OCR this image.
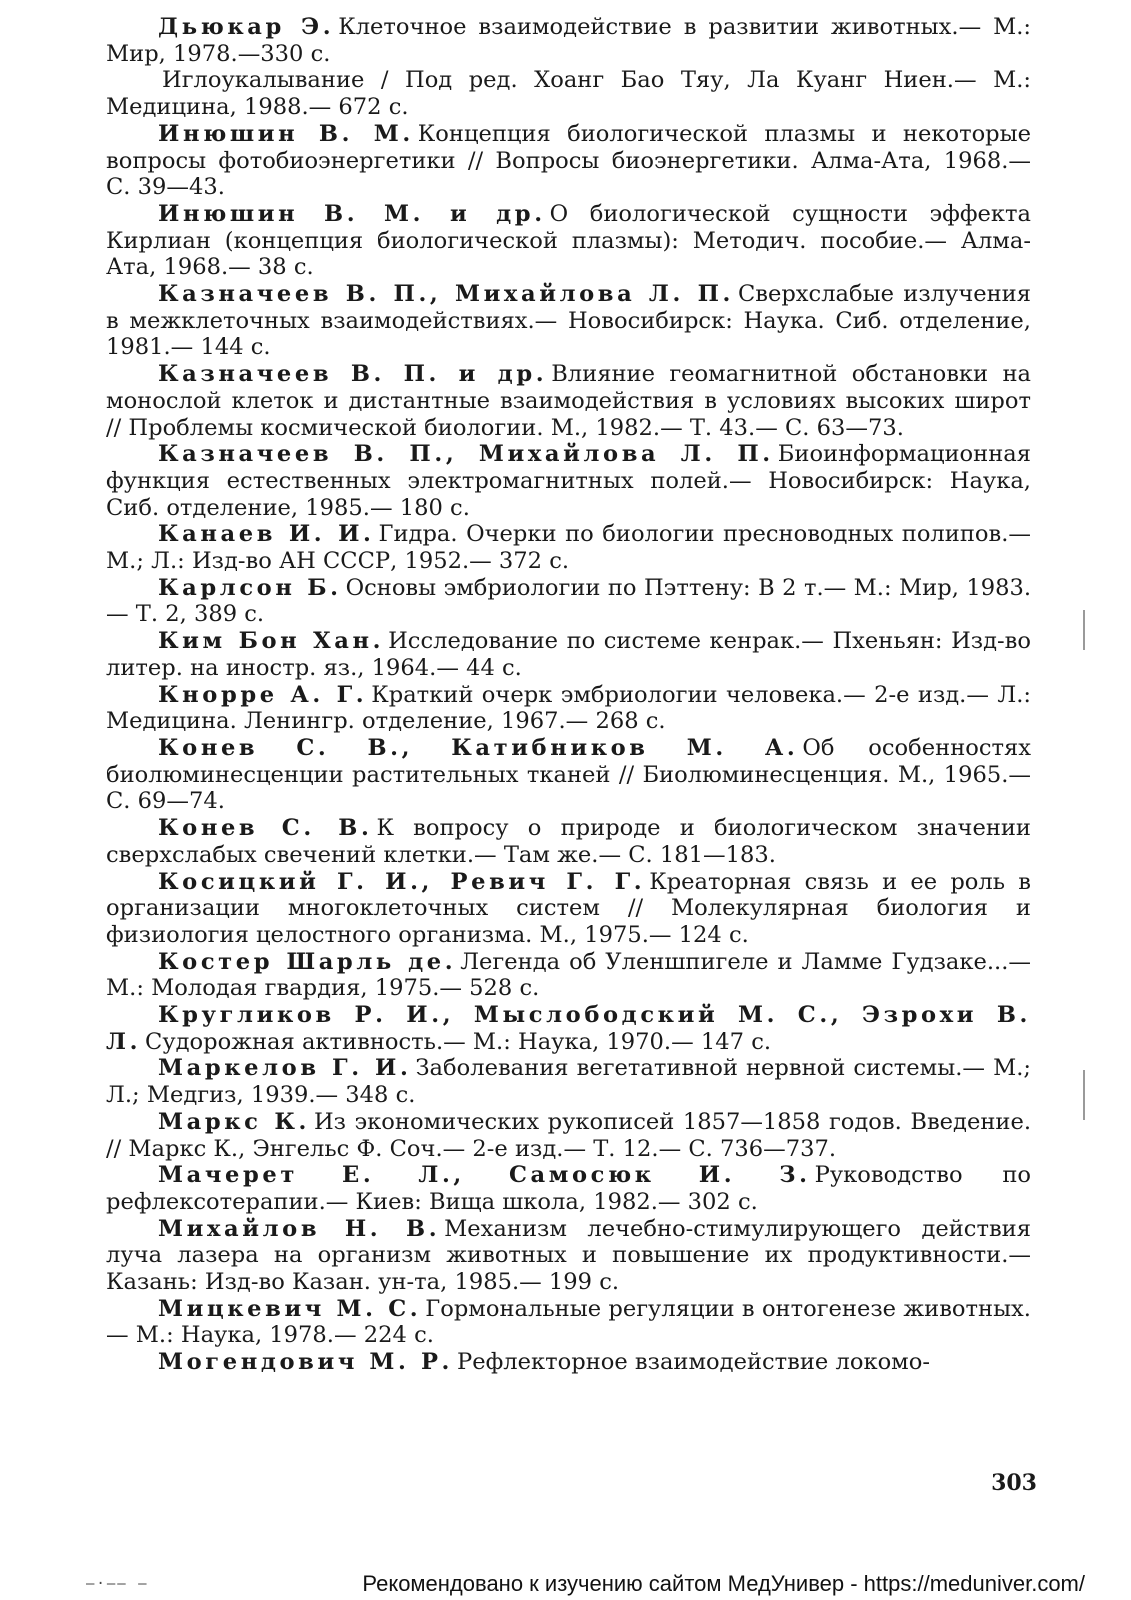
Дьюкар Э. Клеточное взаимодействие в развитии животных.— М.: Мир, 1978.—330 с.
Иглоукалывание / Под ред. Хоанг Бао Тяу, Ла Куанг Ниен.— М.: Медицина, 1988.— 672 с.
Инюшин В. М. Концепция биологической плазмы и некоторые вопросы фотобиоэнергетики // Вопросы биоэнергетики. Алма-Ата, 1968.— С. 39—43.
Инюшин В. М. и др. О биологической сущности эффекта Кирлиан (концепция биологической плазмы): Методич. пособие.— Алма-Ата, 1968.— 38 с.
Казначеев В. П., Михайлова Л. П. Сверхслабые излучения в межклеточных взаимодействиях.— Новосибирск: Наука. Сиб. отделение, 1981.— 144 с.
Казначеев В. П. и др. Влияние геомагнитной обстановки на монослой клеток и дистантные взаимодействия в условиях высоких широт // Проблемы космической биологии. М., 1982.— Т. 43.— С. 63—73.
Казначеев В. П., Михайлова Л. П. Биоинформационная функция естественных электромагнитных полей.— Новосибирск: Наука, Сиб. отделение, 1985.— 180 с.
Канаев И. И. Гидра. Очерки по биологии пресноводных полипов.— М.; Л.: Изд-во АН СССР, 1952.— 372 с.
Карлсон Б. Основы эмбриологии по Пэттену: В 2 т.— М.: Мир, 1983.— Т. 2, 389 с.
Ким Бон Хан. Исследование по системе кенрак.— Пхеньян: Изд-во литер. на иностр. яз., 1964.— 44 с.
Кнорре А. Г. Краткий очерк эмбриологии человека.— 2-е изд.— Л.: Медицина. Ленингр. отделение, 1967.— 268 с.
Конев С. В., Катибников М. А. Об особенностях биолюминесценции растительных тканей // Биолюминесценция. М., 1965.— С. 69—74.
Конев С. В. К вопросу о природе и биологическом значении сверхслабых свечений клетки.— Там же.— С. 181—183.
Косицкий Г. И., Ревич Г. Г. Креаторная связь и ее роль в организации многоклеточных систем // Молекулярная биология и физиология целостного организма. М., 1975.— 124 с.
Костер Шарль де. Легенда об Уленшпигеле и Ламме Гудзаке...— М.: Молодая гвардия, 1975.— 528 с.
Кругликов Р. И., Мыслободский М. С., Эзрохи В. Л. Судорожная активность.— М.: Наука, 1970.— 147 с.
Маркелов Г. И. Заболевания вегетативной нервной системы.— М.; Л.; Медгиз, 1939.— 348 с.
Маркс К. Из экономических рукописей 1857—1858 годов. Введение. // Маркс К., Энгельс Ф. Соч.— 2-е изд.— Т. 12.— С. 736—737.
Мачерет Е. Л., Самосюк И. З. Руководство по рефлексотерапии.— Киев: Вища школа, 1982.— 302 с.
Михайлов Н. В. Механизм лечебно-стимулирующего действия луча лазера на организм животных и повышение их продуктивности.— Казань: Изд-во Казан. ун-та, 1985.— 199 с.
Мицкевич М. С. Гормональные регуляции в онтогенезе животных.— М.: Наука, 1978.— 224 с.
Могендович М. Р. Рефлекторное взаимодействие локомо-
303
—·—— —	Рекомендовано к изучению сайтом МедУнивер - https://meduniver.com/
